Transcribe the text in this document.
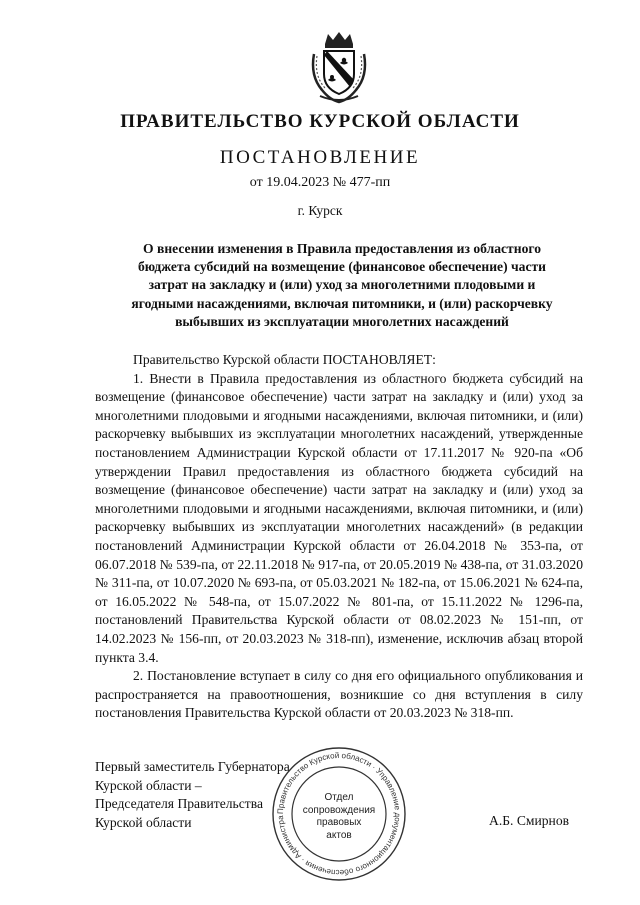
ПРАВИТЕЛЬСТВО КУРСКОЙ ОБЛАСТИ
ПОСТАНОВЛЕНИЕ
от 19.04.2023 № 477-пп
г. Курск
О внесении изменения в Правила предоставления из областного
бюджета субсидий на возмещение (финансовое обеспечение) части
затрат на закладку и (или) уход за многолетними плодовыми и
ягодными насаждениями, включая питомники, и (или) раскорчевку
выбывших из эксплуатации многолетних насаждений

Правительство Курской области ПОСТАНОВЛЯЕТ:

1. Внести в Правила предоставления из областного бюджета субсидий на возмещение (финансовое обеспечение) части затрат на закладку и (или) уход за многолетними плодовыми и ягодными насаждениями, включая питомники, и (или) раскорчевку выбывших из эксплуатации многолетних насаждений, утвержденные постановлением Администрации Курской области от 17.11.2017 № 920-па «Об утверждении Правил предоставления из областного бюджета субсидий на возмещение (финансовое обеспечение) части затрат на закладку и (или) уход за многолетними плодовыми и ягодными насаждениями, включая питомники, и (или) раскорчевку выбывших из эксплуатации многолетних насаждений» (в редакции постановлений Администрации Курской области от 26.04.2018 № 353-па, от 06.07.2018 № 539-па, от 22.11.2018 № 917-па, от 20.05.2019 № 438-па, от 31.03.2020 № 311-па, от 10.07.2020 № 693-па, от 05.03.2021 № 182-па, от 15.06.2021 № 624-па, от 16.05.2022 № 548-па, от 15.07.2022 № 801-па, от 15.11.2022 № 1296-па, постановлений Правительства Курской области от 08.02.2023 № 151-пп, от 14.02.2023 № 156-пп, от 20.03.2023 № 318-пп), изменение, исключив абзац второй пункта 3.4.

2. Постановление вступает в силу со дня его официального опубликования и распространяется на правоотношения, возникшие со дня вступления в силу постановления Правительства Курской области от 20.03.2023 № 318-пп.

Первый заместитель Губернатора
Курской области –
Председателя Правительства
Курской области	А.Б. Смирнов
Правительство Курской области · Управление документационного обеспечения · Администра
Отдел
сопровождения
правовых
актов
